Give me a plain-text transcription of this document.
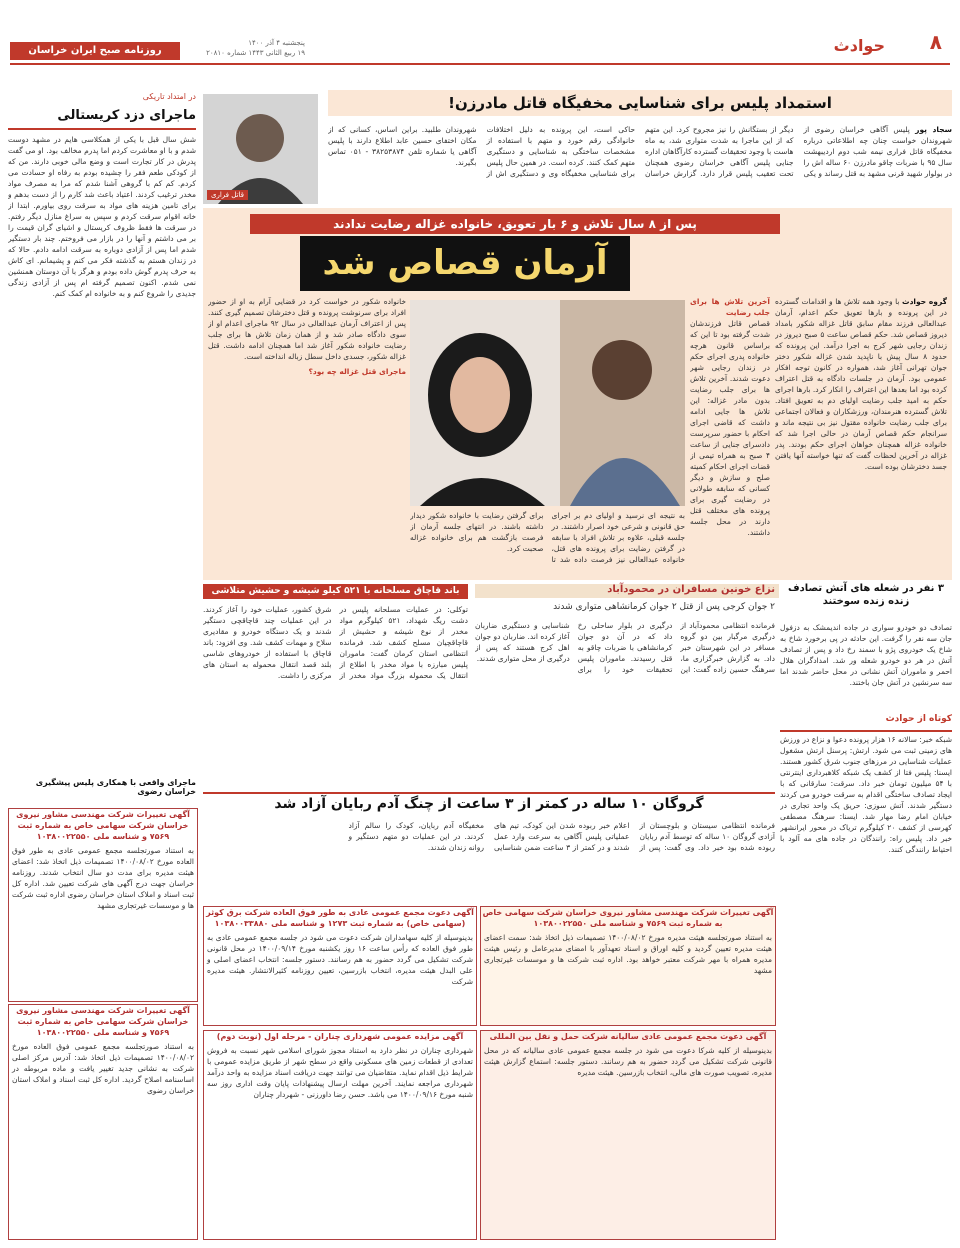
۸
حوادث
روزنامه صبح ایران خراسان
پنجشنبه ۴ آذر ۱۴۰۰
۱۹ ربیع الثانی ۱۴۴۳ شماره ۲۰۸۱۰
استمداد پلیس برای شناسایی مخفیگاه قاتل مادرزن!
سجاد پور پلیس آگاهی خراسان رضوی از شهروندان خواست چنان چه اطلاعاتی درباره مخفیگاه قاتل فراری نیمه شب دوم اردیبهشت سال ۹۵ با ضربات چاقو مادرزن ۶۰ ساله اش را در بولوار شهید قرنی مشهد به قتل رساند و یکی دیگر از بستگانش را نیز مجروح کرد. این متهم که از این ماجرا به شدت متواری شد، به ماه هاست با وجود تحقیقات گسترده کارآگاهان اداره جنایی پلیس آگاهی خراسان رضوی همچنان تحت تعقیب پلیس قرار دارد. گزارش خراسان حاکی است، این پرونده به دلیل اختلافات خانوادگی رقم خورد و متهم با استفاده از مشخصات ساختگی به شناسایی و دستگیری متهم کمک کنند. کرده است. در همین حال پلیس برای شناسایی مخفیگاه وی و دستگیری اش از شهروندان طلبید. براین اساس، کسانی که از مکان اختفای حسین عابد اطلاع دارند با پلیس آگاهی یا شماره تلفن ۳۸۲۵۳۸۷۴ - ۰۵۱ تماس بگیرند.
قاتل فراری
پس از ۸ سال تلاش و ۶ بار تعویق، خانواده غزاله رضایت ندادند
آرمان قصاص شد
گروه حوادث با وجود همه تلاش ها و اقدامات گسترده در این پرونده و بارها تعویق حکم اعدام، آرمان عبدالعالی فرزند مقام سابق قاتل غزاله شکور بامداد دیروز قصاص شد. حکم قصاص ساعت ۵ صبح دیروز در زندان رجایی شهر کرج به اجرا درآمد. این پرونده که حدود ۸ سال پیش با ناپدید شدن غزاله شکور دختر جوان تهرانی آغاز شد، همواره در کانون توجه افکار عمومی بود. آرمان در جلسات دادگاه به قتل اعتراف کرده بود اما بعدها این اعتراف را انکار کرد. بارها اجرای حکم به امید جلب رضایت اولیای دم به تعویق افتاد. تلاش گسترده هنرمندان، ورزشکاران و فعالان اجتماعی برای جلب رضایت خانواده مقتول نیز بی نتیجه ماند و سرانجام حکم قصاص آرمان در حالی اجرا شد که خانواده غزاله همچنان خواهان اجرای حکم بودند. پدر غزاله در آخرین لحظات گفت که تنها خواسته آنها یافتن جسد دخترشان بوده است.
آخرین تلاش ها برای جلب رضایت
قصاص قاتل فرزندشان شدت گرفته بود تا این که براساس قانون هرچه خانواده پدری اجرای حکم در زندان رجایی شهر دعوت شدند. آخرین تلاش ها برای جلب رضایت بدون مادر غزاله: این تلاش ها جایی ادامه داشت که قاضی اجرای احکام با حضور سرپرست دادسرای جنایی از ساعت ۴ صبح به همراه تیمی از قضات اجرای احکام کمیته صلح و سازش و دیگر کسانی که سابقه طولانی در رضایت گیری برای پرونده های مختلف قتل دارند در محل جلسه داشتند.
به نتیجه ای نرسید و اولیای دم بر اجرای حق قانونی و شرعی خود اصرار داشتند. در جلسه قبلی، علاوه بر تلاش افراد با سابقه در گرفتن رضایت برای پرونده های قتل، خانواده عبدالعالی نیز فرصت داده شد تا برای گرفتن رضایت با خانواده شکور دیدار داشته باشند. در انتهای جلسه آرمان از فرصت بازگشت هم برای خانواده غزاله صحبت کرد.
خانواده شکور در خواست کرد در قضایی آرام به او از حضور افراد برای سرنوشت پرونده و قتل دخترشان تصمیم گیری کنند. پس از اعتراف آرمان عبدالعالی در سال ۹۲ ماجرای اعدام او از سوی دادگاه صادر شد و از همان زمان تلاش ها برای جلب رضایت خانواده شکور آغاز شد اما همچنان ادامه داشت. قتل غزاله شکور، جسدی داخل سطل زباله انداخته است.
ماجرای قتل غزاله چه بود؟
۳ نفر در شعله های آتش تصادف زنده زنده سوختند
تصادف دو خودرو سواری در جاده اندیمشک به دزفول جان سه نفر را گرفت. این حادثه در پی برخورد شاخ به شاخ یک خودروی پژو با سمند رخ داد و پس از تصادف آتش در هر دو خودرو شعله ور شد. امدادگران هلال احمر و ماموران آتش نشانی در محل حاضر شدند اما سه سرنشین در آتش جان باختند.
کوتاه از حوادث
شبکه خبر: سالانه ۱۶ هزار پرونده دعوا و نزاع در ورزش های زمینی ثبت می شود. ارتش: پرسنل ارتش مشغول عملیات شناسایی در مرزهای جنوب شرق کشور هستند. ایسنا: پلیس فتا از کشف یک شبکه کلاهبرداری اینترنتی با ۵۴ میلیون تومان خبر داد. سرقت: سارقانی که با ایجاد تصادف ساختگی اقدام به سرقت خودرو می کردند دستگیر شدند. آتش سوزی: حریق یک واحد تجاری در خیابان امام رضا مهار شد. ایسنا: سرهنگ مصطفی کهرسی از کشف ۲۰ کیلوگرم تریاک در محور ایرانشهر خبر داد. پلیس راه: رانندگان در جاده های مه آلود با احتیاط رانندگی کنند.
در امتداد تاریکی
ماجرای دزد کریستالی
شش سال قبل با یکی از همکلاسی هایم در مشهد دوست شدم و با او معاشرت کردم اما پدرم مخالف بود. او می گفت پدرش در کار تجارت است و وضع مالی خوبی دارند. من که از کودکی طعم فقر را چشیده بودم به رفاه او حسادت می کردم. کم کم با گروهی آشنا شدم که مرا به مصرف مواد مخدر ترغیب کردند. اعتیاد باعث شد کارم را از دست بدهم و برای تامین هزینه های مواد به سرقت روی بیاورم. ابتدا از خانه اقوام سرقت کردم و سپس به سراغ منازل دیگر رفتم. در سرقت ها فقط ظروف کریستال و اشیای گران قیمت را بر می داشتم و آنها را در بازار می فروختم. چند بار دستگیر شدم اما پس از آزادی دوباره به سرقت ادامه دادم. حالا که در زندان هستم به گذشته فکر می کنم و پشیمانم. ای کاش به حرف پدرم گوش داده بودم و هرگز با آن دوستان همنشین نمی شدم. اکنون تصمیم گرفته ام پس از آزادی زندگی جدیدی را شروع کنم و به خانواده ام کمک کنم.
ماجرای واقعی با همکاری پلیس پیشگیری خراسان رضوی
نزاع خونین مسافران در محمودآباد
۲ جوان کرجی پس از قتل ۲ جوان کرمانشاهی متواری شدند
فرمانده انتظامی محمودآباد از درگیری مرگبار بین دو گروه مسافر در این شهرستان خبر داد. به گزارش خبرگزاری ما، سرهنگ حسین زاده گفت: این درگیری در بلوار ساحلی رخ داد که در آن دو جوان کرمانشاهی با ضربات چاقو به قتل رسیدند. ماموران پلیس تحقیقات خود را برای شناسایی و دستگیری ضاربان آغاز کرده اند. ضاربان دو جوان اهل کرج هستند که پس از درگیری از محل متواری شدند.
باند قاچاق مسلحانه با ۵۲۱ کیلو شیشه و حشیش متلاشی شد
توکلی: در عملیات مسلحانه پلیس در دشت ریگ شهداد، ۵۲۱ کیلوگرم مواد مخدر از نوع شیشه و حشیش از قاچاقچیان مسلح کشف شد. فرمانده انتظامی استان کرمان گفت: ماموران پلیس مبارزه با مواد مخدر با اطلاع از انتقال یک محموله بزرگ مواد مخدر از شرق کشور، عملیات خود را آغاز کردند. در این عملیات چند قاچاقچی دستگیر شدند و یک دستگاه خودرو و مقادیری سلاح و مهمات کشف شد. وی افزود: باند قاچاق با استفاده از خودروهای شاسی بلند قصد انتقال محموله به استان های مرکزی را داشت.
گروگان ۱۰ ساله در کمتر از ۳ ساعت از چنگ آدم ربایان آزاد شد
فرمانده انتظامی سیستان و بلوچستان از آزادی گروگان ۱۰ ساله که توسط آدم ربایان ربوده شده بود خبر داد. وی گفت: پس از اعلام خبر ربوده شدن این کودک، تیم های عملیاتی پلیس آگاهی به سرعت وارد عمل شدند و در کمتر از ۳ ساعت ضمن شناسایی مخفیگاه آدم ربایان، کودک را سالم آزاد کردند. در این عملیات دو متهم دستگیر و روانه زندان شدند.
آگهی تغییرات شرکت مهندسی مشاور نیروی خراسان شرکت سهامی خاص به شماره ثبت ۷۵۶۹ و شناسه ملی ۱۰۳۸۰۰۲۲۵۵۰
به استناد صورتجلسه مجمع عمومی عادی به طور فوق العاده مورخ ۱۴۰۰/۰۸/۰۲ تصمیمات ذیل اتخاذ شد: اعضای هیئت مدیره برای مدت دو سال انتخاب شدند. روزنامه خراسان جهت درج آگهی های شرکت تعیین شد. اداره کل ثبت اسناد و املاک استان خراسان رضوی اداره ثبت شرکت ها و موسسات غیرتجاری مشهد
آگهی تغییرات شرکت مهندسی مشاور نیروی خراسان شرکت سهامی خاص به شماره ثبت ۷۵۶۹ و شناسه ملی ۱۰۳۸۰۰۲۲۵۵۰
به استناد صورتجلسه مجمع عمومی فوق العاده مورخ ۱۴۰۰/۰۸/۰۲ تصمیمات ذیل اتخاذ شد: آدرس مرکز اصلی شرکت به نشانی جدید تغییر یافت و ماده مربوطه در اساسنامه اصلاح گردید. اداره کل ثبت اسناد و املاک استان خراسان رضوی
آگهی دعوت مجمع عمومی عادی به طور فوق العاده شرکت برق کوثر (سهامی خاص) به شماره ثبت ۱۲۷۳ و شناسه ملی ۱۰۳۸۰۰۳۳۸۸۰
بدینوسیله از کلیه سهامداران شرکت دعوت می شود در جلسه مجمع عمومی عادی به طور فوق العاده که رأس ساعت ۱۶ روز یکشنبه مورخ ۱۴۰۰/۰۹/۱۴ در محل قانونی شرکت تشکیل می گردد حضور به هم رسانند. دستور جلسه: انتخاب اعضای اصلی و علی البدل هیئت مدیره، انتخاب بازرسین، تعیین روزنامه کثیرالانتشار. هیئت مدیره شرکت
آگهی تغییرات شرکت مهندسی مشاور نیروی خراسان شرکت سهامی خاص به شماره ثبت ۷۵۶۹ و شناسه ملی ۱۰۳۸۰۰۲۲۵۵۰
به استناد صورتجلسه هیئت مدیره مورخ ۱۴۰۰/۰۸/۰۲ تصمیمات ذیل اتخاذ شد: سمت اعضای هیئت مدیره تعیین گردید و کلیه اوراق و اسناد تعهدآور با امضای مدیرعامل و رئیس هیئت مدیره همراه با مهر شرکت معتبر خواهد بود. اداره ثبت شرکت ها و موسسات غیرتجاری مشهد
آگهی مزایده عمومی شهرداری چناران - مرحله اول (نوبت دوم)
شهرداری چناران در نظر دارد به استناد مجوز شورای اسلامی شهر نسبت به فروش تعدادی از قطعات زمین های مسکونی واقع در سطح شهر از طریق مزایده عمومی با شرایط ذیل اقدام نماید. متقاضیان می توانند جهت دریافت اسناد مزایده به واحد درآمد شهرداری مراجعه نمایند. آخرین مهلت ارسال پیشنهادات پایان وقت اداری روز سه شنبه مورخ ۱۴۰۰/۰۹/۱۶ می باشد. حسن رضا داورزنی - شهردار چناران
آگهی دعوت مجمع عمومی عادی سالیانه شرکت حمل و نقل بین المللی
بدینوسیله از کلیه شرکا دعوت می شود در جلسه مجمع عمومی عادی سالیانه که در محل قانونی شرکت تشکیل می گردد حضور به هم رسانند. دستور جلسه: استماع گزارش هیئت مدیره، تصویب صورت های مالی، انتخاب بازرسین. هیئت مدیره
